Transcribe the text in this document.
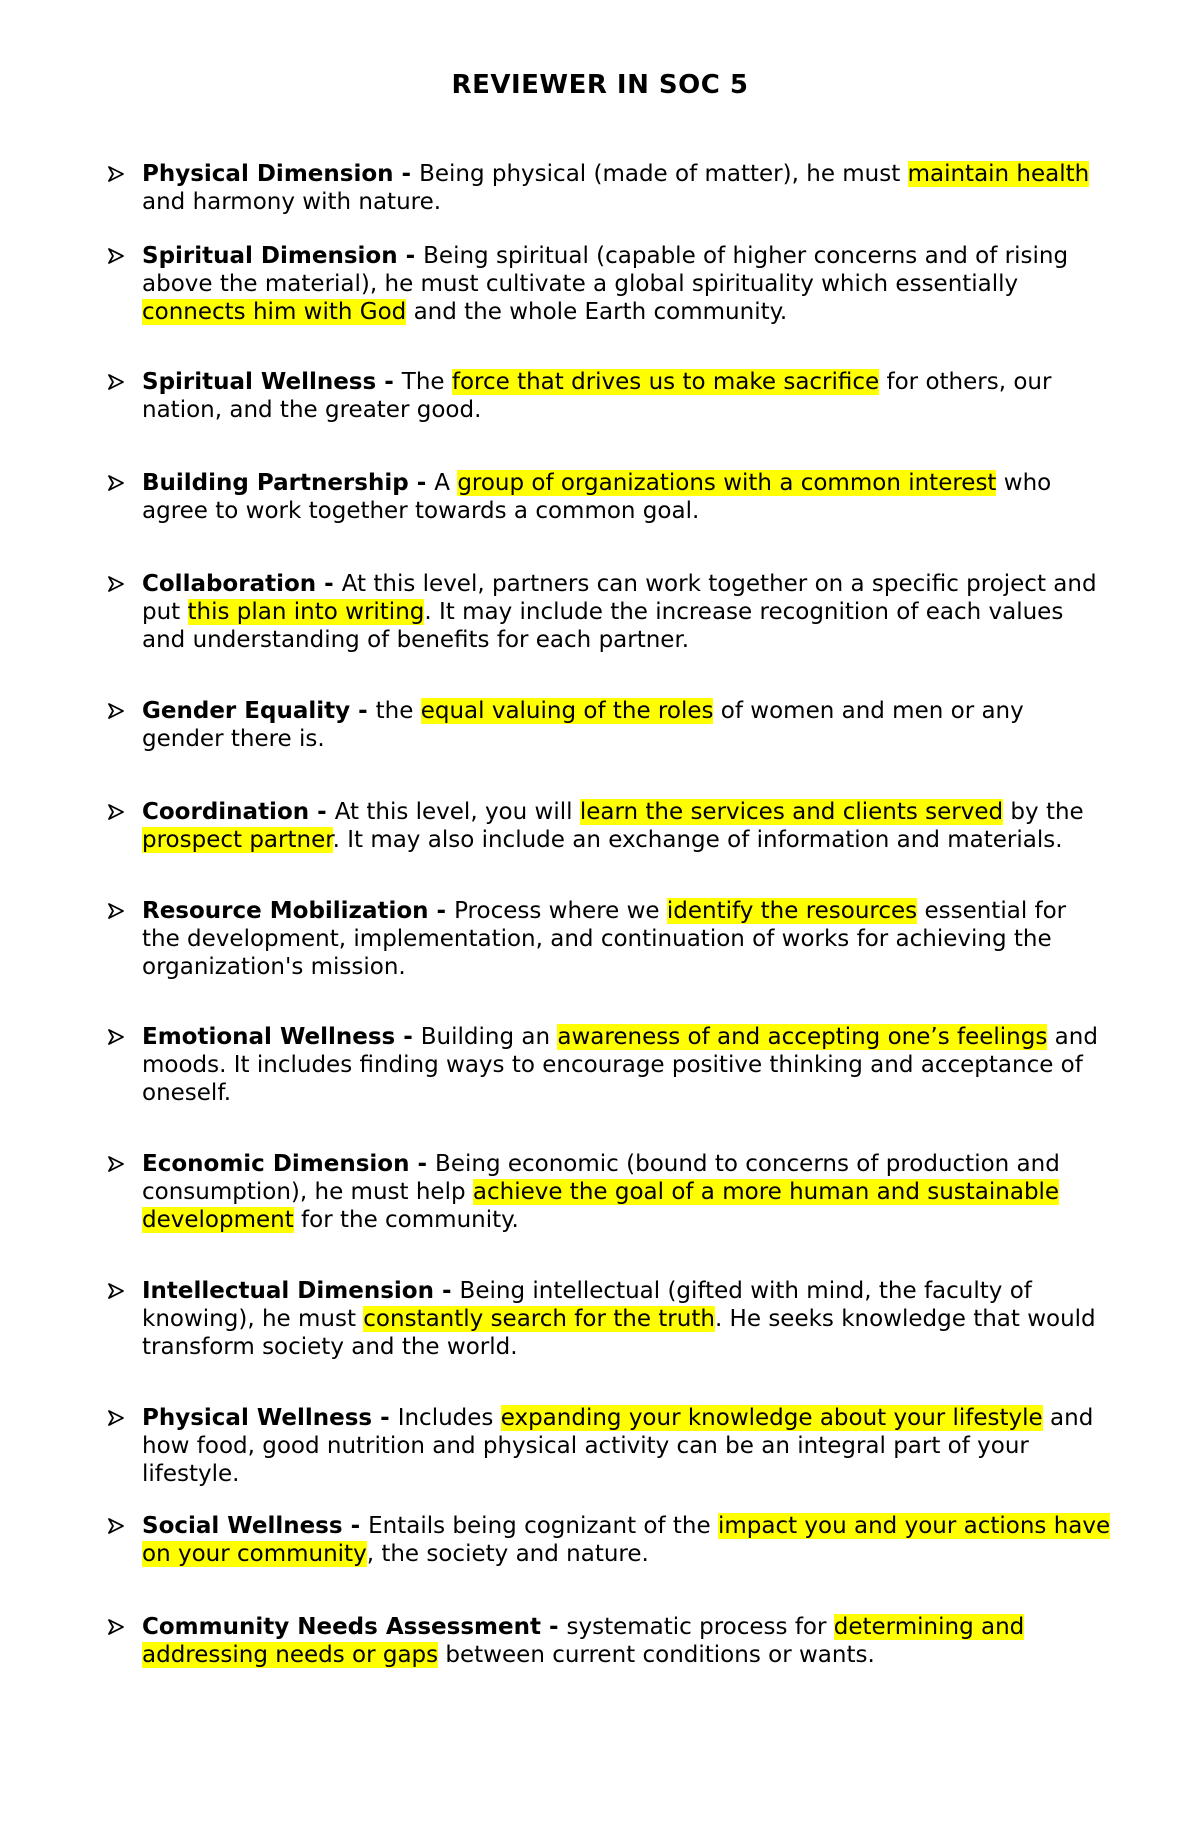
REVIEWER IN SOC 5
Physical Dimension - Being physical (made of matter), he must maintain health
and harmony with nature.
Spiritual Dimension - Being spiritual (capable of higher concerns and of rising
above the material), he must cultivate a global spirituality which essentially
connects him with God and the whole Earth community.
Spiritual Wellness - The force that drives us to make sacrifice for others, our
nation, and the greater good.
Building Partnership - A group of organizations with a common interest who
agree to work together towards a common goal.
Collaboration - At this level, partners can work together on a specific project and
put this plan into writing. It may include the increase recognition of each values
and understanding of benefits for each partner.
Gender Equality - the equal valuing of the roles of women and men or any
gender there is.
Coordination - At this level, you will learn the services and clients served by the
prospect partner. It may also include an exchange of information and materials.
Resource Mobilization - Process where we identify the resources essential for
the development, implementation, and continuation of works for achieving the
organization's mission.
Emotional Wellness - Building an awareness of and accepting one’s feelings and
moods. It includes finding ways to encourage positive thinking and acceptance of
oneself.
Economic Dimension - Being economic (bound to concerns of production and
consumption), he must help achieve the goal of a more human and sustainable
development for the community.
Intellectual Dimension - Being intellectual (gifted with mind, the faculty of
knowing), he must constantly search for the truth. He seeks knowledge that would
transform society and the world.
Physical Wellness - Includes expanding your knowledge about your lifestyle and
how food, good nutrition and physical activity can be an integral part of your
lifestyle.
Social Wellness - Entails being cognizant of the impact you and your actions have
on your community, the society and nature.
Community Needs Assessment - systematic process for determining and
addressing needs or gaps between current conditions or wants.
